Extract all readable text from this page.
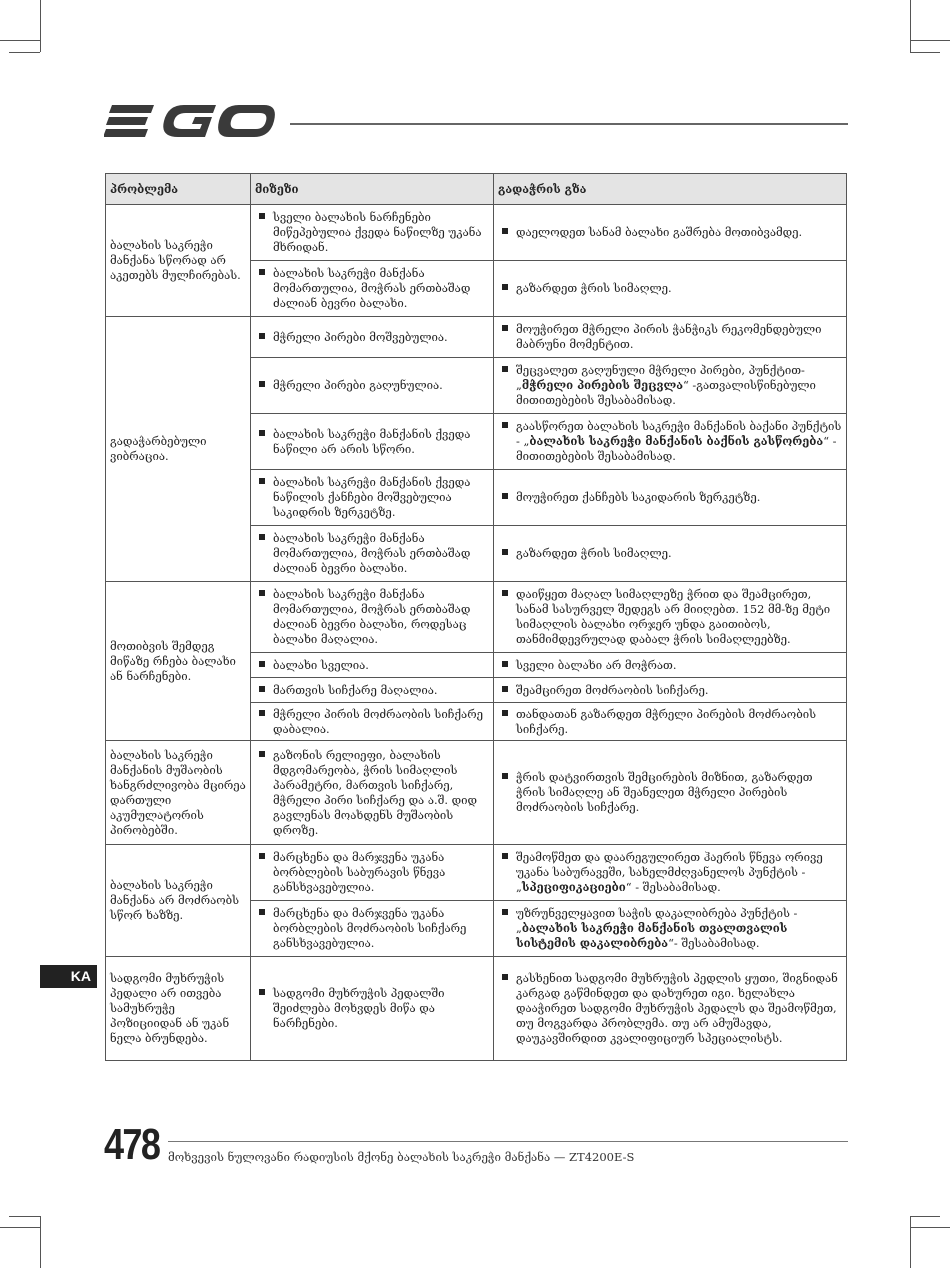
პრობლემა	მიზეზი	გადაჭრის გზა
ბალახის საკრეჭი მანქანა სწორად არ აკეთებს მულჩირებას.	სველი ბალახის ნარჩენები მიწეპებულია ქვედა ნაწილზე უკანა მხრიდან.	დაელოდეთ სანამ ბალახი გაშრება მოთიბვამდე.

	ბალახის საკრეჭი მანქანა მომართულია, მოჭრას ერთბაშად ძალიან ბევრი ბალახი.	გაზარდეთ ჭრის სიმაღლე.

გადაჭარბებული ვიბრაცია.	მჭრელი პირები მოშვებულია.	მოუჭირეთ მჭრელი პირის ჭანჭიკს რეკომენდებული მაბრუნი მომენტით.

	მჭრელი პირები გაღუნულია.	შეცვალეთ გაღუნული მჭრელი პირები, პუნქტით- „მჭრელი პირების შეცვლა“ -გათვალისწინებული მითითებების შესაბამისად.

	ბალახის საკრეჭი მანქანის ქვედა ნაწილი არ არის სწორი.	გაასწორეთ ბალახის საკრეჭი მანქანის ბაქანი პუნქტის - „ბალახის საკრეჭი მანქანის ბაქნის გასწორება“ - მითითებების შესაბამისად.

	ბალახის საკრეჭი მანქანის ქვედა ნაწილის ქანჩები მოშვებულია საკიდრის ზერკეტზე.	მოუჭირეთ ქანჩებს საკიდარის ზერკეტზე.

	ბალახის საკრეჭი მანქანა მომართულია, მოჭრას ერთბაშად ძალიან ბევრი ბალახი.	გაზარდეთ ჭრის სიმაღლე.

მოთიბვის შემდეგ მიწაზე რჩება ბალახი ან ნარჩენები.	ბალახის საკრეჭი მანქანა მომართულია, მოჭრას ერთბაშად ძალიან ბევრი ბალახი, როდესაც ბალახი მაღალია.	დაიწყეთ მაღალ სიმაღლეზე ჭრით და შეამცირეთ, სანამ სასურველ შედეგს არ მიიღებთ. 152 მმ-ზე მეტი სიმაღლის ბალახი ორჯერ უნდა გაითიბოს, თანმიმდევრულად დაბალ ჭრის სიმაღლეებზე.

	ბალახი სველია.	სველი ბალახი არ მოჭრათ.

	მართვის სიჩქარე მაღალია.	შეამცირეთ მოძრაობის სიჩქარე.

	მჭრელი პირის მოძრაობის სიჩქარე დაბალია.	თანდათან გაზარდეთ მჭრელი პირების მოძრაობის სიჩქარე.

ბალახის საკრეჭი მანქანის მუშაობის ხანგრძლივობა მცირეა დართული აკუმულატორის პირობებში.	გაზონის რელიეფი, ბალახის მდგომარეობა, ჭრის სიმაღლის პარამეტრი, მართვის სიჩქარე, მჭრელი პირი სიჩქარე და ა.შ. დიდ გავლენას მოახდენს მუშაობის დროზე.	ჭრის დატვირთვის შემცირების მიზნით, გაზარდეთ ჭრის სიმაღლე ან შეანელეთ მჭრელი პირების მოძრაობის სიჩქარე.

ბალახის საკრეჭი მანქანა არ მოძრაობს სწორ ხაზზე.	მარცხენა და მარჯვენა უკანა ბორბლების საბურავის წნევა განსხვავებულია.	შეამოწმეთ და დაარეგულირეთ ჰაერის წნევა ორივე უკანა საბურავეში, სახელმძღვანელოს პუნქტის -„სპეციფიკაციები“ - შესაბამისად.

	მარცხენა და მარჯვენა უკანა ბორბლების მოძრაობის სიჩქარე განსხვავებულია.	უზრუნველყავით საჭის დაკალიბრება პუნქტის -„ბალახის საკრეჭი მანქანის თვალთვალის სისტემის დაკალიბრება“- შესაბამისად.

სადგომი მუხრუჭის პედალი არ ითვება სამუხრუჭე პოზიციიდან ან უკან ნელა ბრუნდება.	სადგომი მუხრუჭის პედალში შეიძლება მოხვდეს მიწა და ნარჩენები.	გასხენით სადგომი მუხრუჭის პედლის ყუთი, შიგნიდან კარგად გაწმინდეთ და დახურეთ იგი. ხელახლა დააჭირეთ სადგომი მუხრუჭის პედალს და შეამოწმეთ, თუ მოგვარდა პრობლემა. თუ არ ამუშავდა, დაუკავშირდით კვალიფიციურ სპეციალისტს.
KA
478 მოხვევის ნულოვანი რადიუსის მქონე ბალახის საკრეჭი მანქანა — ZT4200E-S
